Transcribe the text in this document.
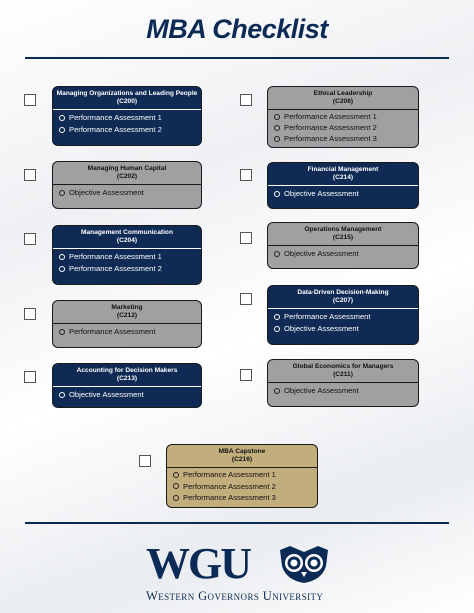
MBA Checklist
Managing Organizations and Leading People
(C200)
Performance Assessment 1
Performance Assessment 2
Managing Human Capital
(C202)
Objective Assessment
Management Communication
(C204)
Performance Assessment 1
Performance Assessment 2
Marketing
(C212)
Performance Assessment
Accounting for Decision Makers
(C213)
Objective Assessment
Ethical Leadership
(C206)
Performance Assessment 1
Performance Assessment 2
Performance Assessment 3
Financial Management
(C214)
Objective Assessment
Operations Management
(C215)
Objective Assessment
Data-Driven Decision-Making
(C207)
Performance Assessment
Objective Assessment
Global Economics for Managers
(C211)
Objective Assessment
MBA Capstone
(C216)
Performance Assessment 1
Performance Assessment 2
Performance Assessment 3
WGU
Western Governors University
